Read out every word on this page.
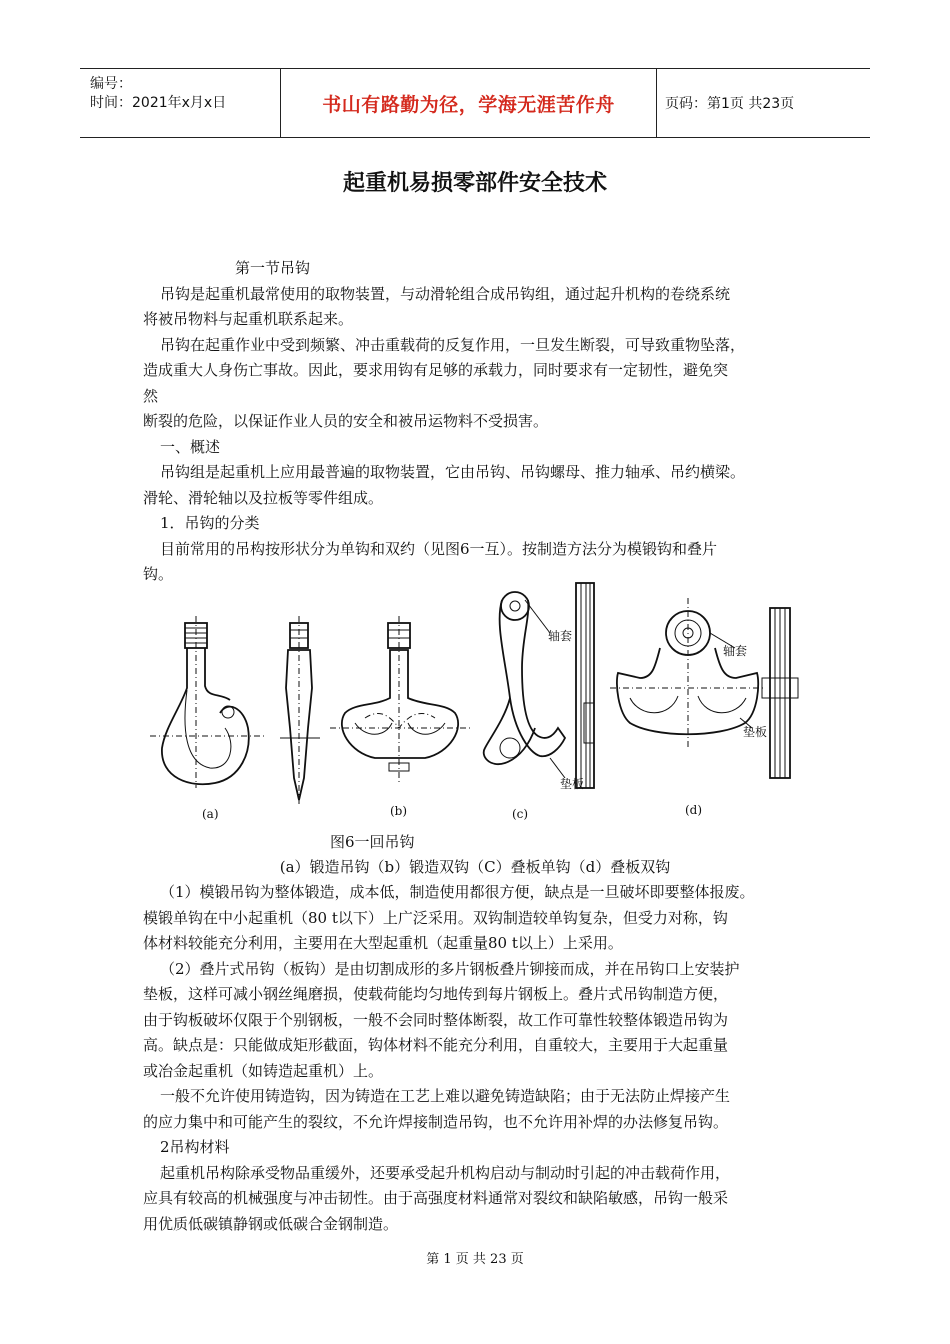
编号：
时间：2021年x月x日	书山有路勤为径，学海无涯苦作舟	页码：第1页 共23页
起重机易损零部件安全技术

第一节吊钩

吊钩是起重机最常使用的取物装置，与动滑轮组合成吊钩组，通过起升机构的卷绕系统

将被吊物料与起重机联系起来。

吊钩在起重作业中受到频繁、冲击重载荷的反复作用，一旦发生断裂，可导致重物坠落，

造成重大人身伤亡事故。因此，要求用钩有足够的承载力，同时要求有一定韧性，避免突

然

断裂的危险，以保证作业人员的安全和被吊运物料不受损害。

一、概述

吊钩组是起重机上应用最普遍的取物装置，它由吊钩、吊钩螺母、推力轴承、吊约横梁。

滑轮、滑轮轴以及拉板等零件组成。

1．吊钩的分类

目前常用的吊构按形状分为单钩和双约（见图6一互）。按制造方法分为模锻钩和叠片

钩。

(a)	(b)	(c)	(d)
轴套
垫板
轴套
垫板
图6一回吊钩
(a）锻造吊钩（b）锻造双钩（C）叠板单钩（d）叠板双钩

（1）模锻吊钩为整体锻造，成本低，制造使用都很方便，缺点是一旦破坏即要整体报废。

模锻单钩在中小起重机（80 t以下）上广泛采用。双钩制造较单钩复杂，但受力对称，钩

体材料较能充分利用，主要用在大型起重机（起重量80 t以上）上采用。

（2）叠片式吊钩（板钩）是由切割成形的多片钢板叠片铆接而成，并在吊钩口上安装护

垫板，这样可减小钢丝绳磨损，使载荷能均匀地传到每片钢板上。叠片式吊钩制造方便，

由于钩板破坏仅限于个别钢板，一般不会同时整体断裂，故工作可靠性较整体锻造吊钩为

高。缺点是：只能做成矩形截面，钩体材料不能充分利用，自重较大，主要用于大起重量

或冶金起重机（如铸造起重机）上。

一般不允许使用铸造钩，因为铸造在工艺上难以避免铸造缺陷；由于无法防止焊接产生

的应力集中和可能产生的裂纹，不允许焊接制造吊钩，也不允许用补焊的办法修复吊钩。

2吊构材料

起重机吊构除承受物品重缓外，还要承受起升机构启动与制动时引起的冲击载荷作用，

应具有较高的机械强度与冲击韧性。由于高强度材料通常对裂纹和缺陷敏感，吊钩一般采

用优质低碳镇静钢或低碳合金钢制造。

第 1 页 共 23 页
